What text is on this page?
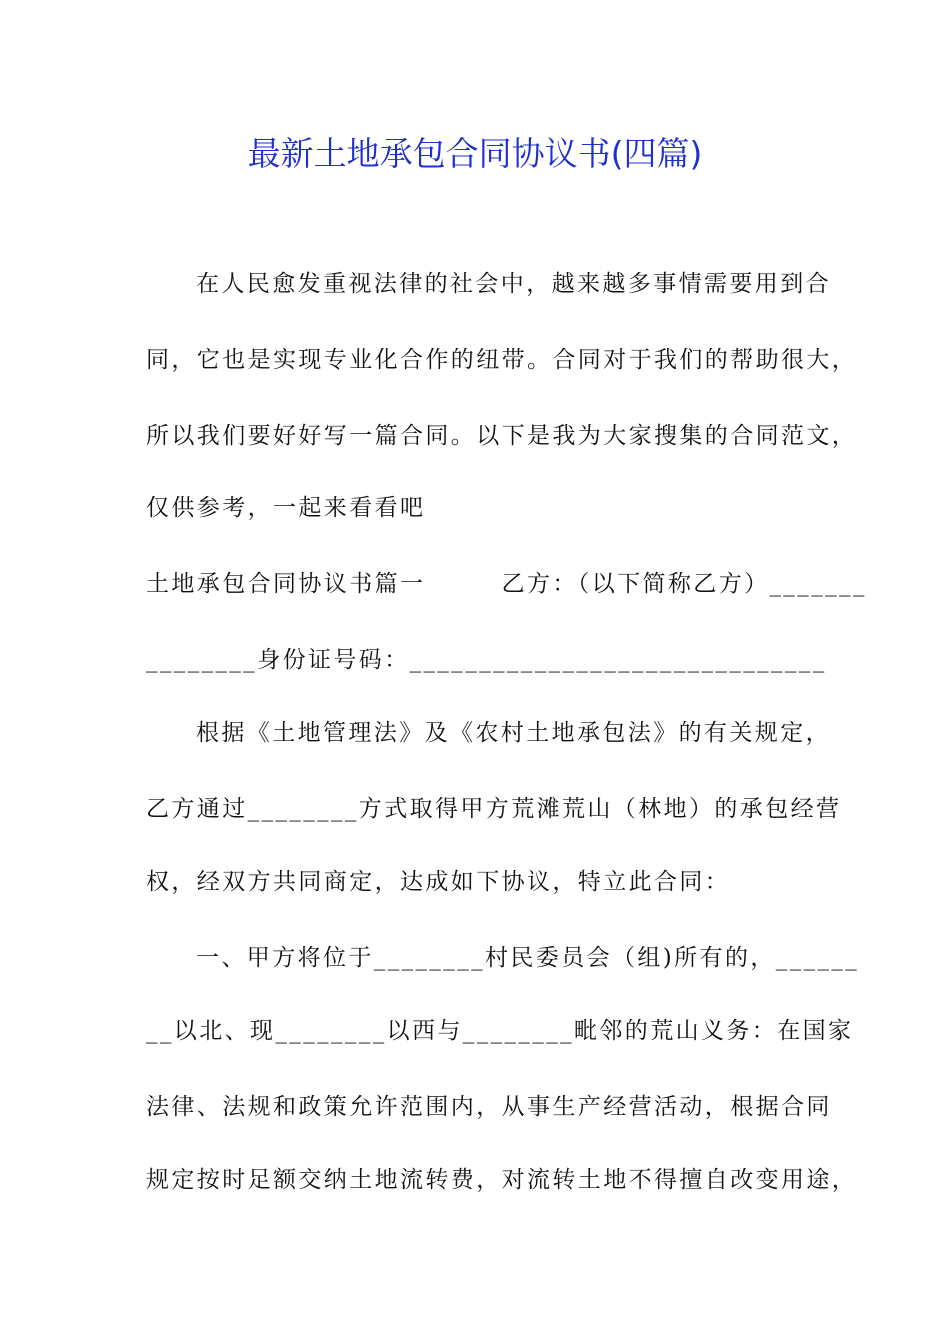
最新土地承包合同协议书(四篇)
在人民愈发重视法律的社会中，越来越多事情需要用到合
同，它也是实现专业化合作的纽带。合同对于我们的帮助很大，
所以我们要好好写一篇合同。以下是我为大家搜集的合同范文，
仅供参考，一起来看看吧
土地承包合同协议书篇一　　　乙方：（以下简称乙方）_______
________身份证号码：______________________________
根据《土地管理法》及《农村土地承包法》的有关规定，
乙方通过________方式取得甲方荒滩荒山（林地）的承包经营
权，经双方共同商定，达成如下协议，特立此合同：
一、甲方将位于________村民委员会（组)所有的，______
__以北、现________以西与________毗邻的荒山义务：在国家
法律、法规和政策允许范围内，从事生产经营活动，根据合同
规定按时足额交纳土地流转费，对流转土地不得擅自改变用途，
